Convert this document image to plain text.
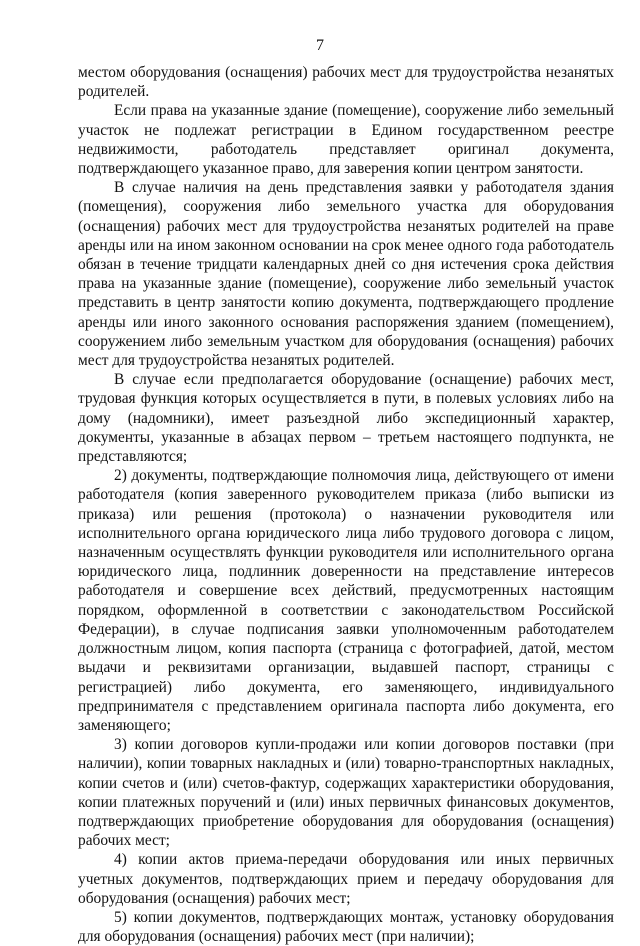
7

местом оборудования (оснащения) рабочих мест для трудоустройства незанятых родителей.

Если права на указанные здание (помещение), сооружение либо земельный участок не подлежат регистрации в Едином государственном реестре недвижимости, работодатель представляет оригинал документа, подтверждающего указанное право, для заверения копии центром занятости.

В случае наличия на день представления заявки у работодателя здания (помещения), сооружения либо земельного участка для оборудования (оснащения) рабочих мест для трудоустройства незанятых родителей на праве аренды или на ином законном основании на срок менее одного года работодатель обязан в течение тридцати календарных дней со дня истечения срока действия права на указанные здание (помещение), сооружение либо земельный участок представить в центр занятости копию документа, подтверждающего продление аренды или иного законного основания распоряжения зданием (помещением), сооружением либо земельным участком для оборудования (оснащения) рабочих мест для трудоустройства незанятых родителей.

В случае если предполагается оборудование (оснащение) рабочих мест, трудовая функция которых осуществляется в пути, в полевых условиях либо на дому (надомники), имеет разъездной либо экспедиционный характер, документы, указанные в абзацах первом – третьем настоящего подпункта, не представляются;

2) документы, подтверждающие полномочия лица, действующего от имени работодателя (копия заверенного руководителем приказа (либо выписки из приказа) или решения (протокола) о назначении руководителя или исполнительного органа юридического лица либо трудового договора с лицом, назначенным осуществлять функции руководителя или исполнительного органа юридического лица, подлинник доверенности на представление интересов работодателя и совершение всех действий, предусмотренных настоящим порядком, оформленной в соответствии с законодательством Российской Федерации), в случае подписания заявки уполномоченным работодателем должностным лицом, копия паспорта (страница с фотографией, датой, местом выдачи и реквизитами организации, выдавшей паспорт, страницы с регистрацией) либо документа, его заменяющего, индивидуального предпринимателя с представлением оригинала паспорта либо документа, его заменяющего;

3) копии договоров купли-продажи или копии договоров поставки (при наличии), копии товарных накладных и (или) товарно-транспортных накладных, копии счетов и (или) счетов-фактур, содержащих характеристики оборудования, копии платежных поручений и (или) иных первичных финансовых документов, подтверждающих приобретение оборудования для оборудования (оснащения) рабочих мест;

4) копии актов приема-передачи оборудования или иных первичных учетных документов, подтверждающих прием и передачу оборудования для оборудования (оснащения) рабочих мест;

5) копии документов, подтверждающих монтаж, установку оборудования для оборудования (оснащения) рабочих мест (при наличии);
